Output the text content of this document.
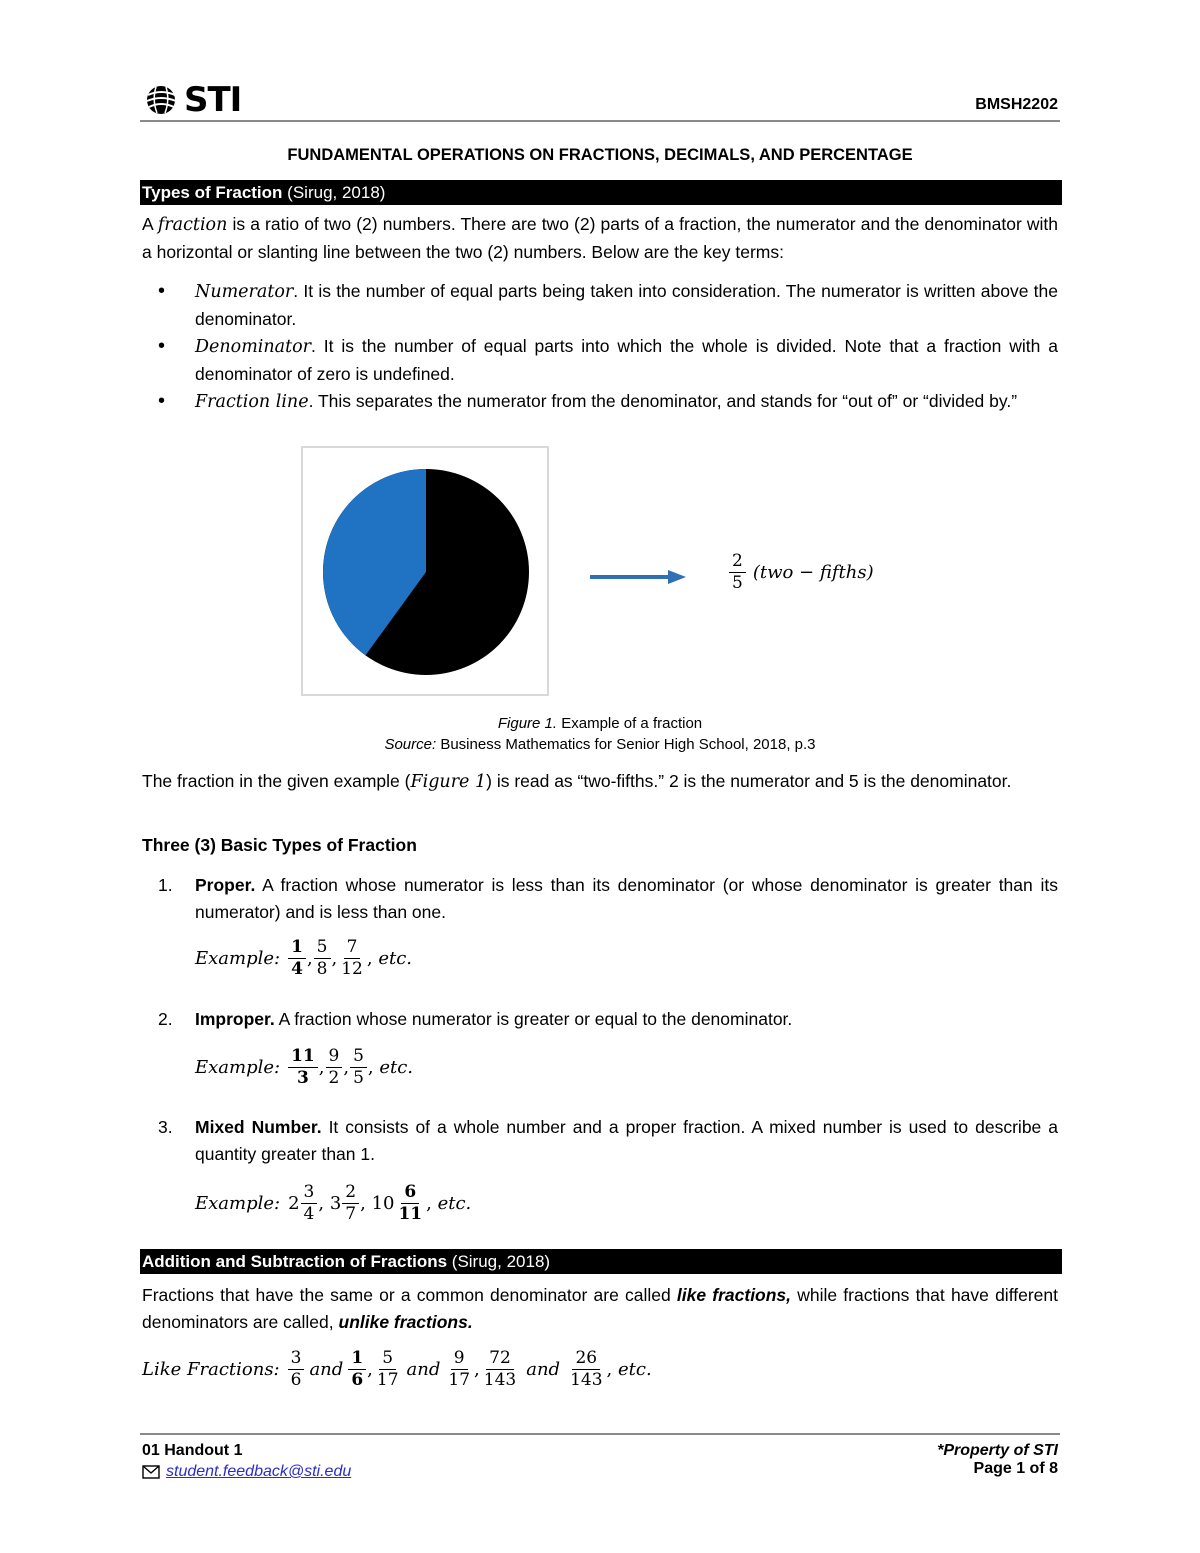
STI	BMSH2202
FUNDAMENTAL OPERATIONS ON FRACTIONS, DECIMALS, AND PERCENTAGE
Types of Fraction (Sirug, 2018)
A fraction is a ratio of two (2) numbers. There are two (2) parts of a fraction, the numerator and the denominator with a horizontal or slanting line between the two (2) numbers. Below are the key terms:
• Numerator. It is the number of equal parts being taken into consideration. The numerator is written above the denominator.
• Denominator. It is the number of equal parts into which the whole is divided. Note that a fraction with a denominator of zero is undefined.
• Fraction line. This separates the numerator from the denominator, and stands for “out of” or “divided by.”
$\frac{2}{5} (two$ − fifths)
Figure 1. Example of a fraction
Source: Business Mathematics for Senior High School, 2018, p.3
The fraction in the given example (Figure 1) is read as “two-fifths.” 2 is the numerator and 5 is the denominator.
Three (3) Basic Types of Fraction
1. Proper. A fraction whose numerator is less than its denominator (or whose denominator is greater than its numerator) and is less than one.
Example: $\frac{1}{4}$ , $\frac{5}{8}$ , $\frac{7}{12}$ , etc.
2. Improper. A fraction whose numerator is greater or equal to the denominator.
Example: $\frac{11}{3}$ , $\frac{9}{2}$ , $\frac{5}{5}$ , etc.
3. Mixed Number. It consists of a whole number and a proper fraction. A mixed number is used to describe a quantity greater than 1.
Example: $2 \frac{3}{4}$ , $3 \frac{2}{7}$ , $10 \frac{6}{11}$ , etc.
Addition and Subtraction of Fractions (Sirug, 2018)
Fractions that have the same or a common denominator are called like fractions, while fractions that have different denominators are called, unlike fractions.
Like Fractions: $\frac{3}{6}$ and $\frac{1}{6}$ , $\frac{5}{17}$ and $\frac{9}{17}$ , $\frac{72}{143}$ and $\frac{26}{143}$ , etc.
01 Handout 1
student.feedback@sti.edu
*Property of STI
Page 1 of 8
